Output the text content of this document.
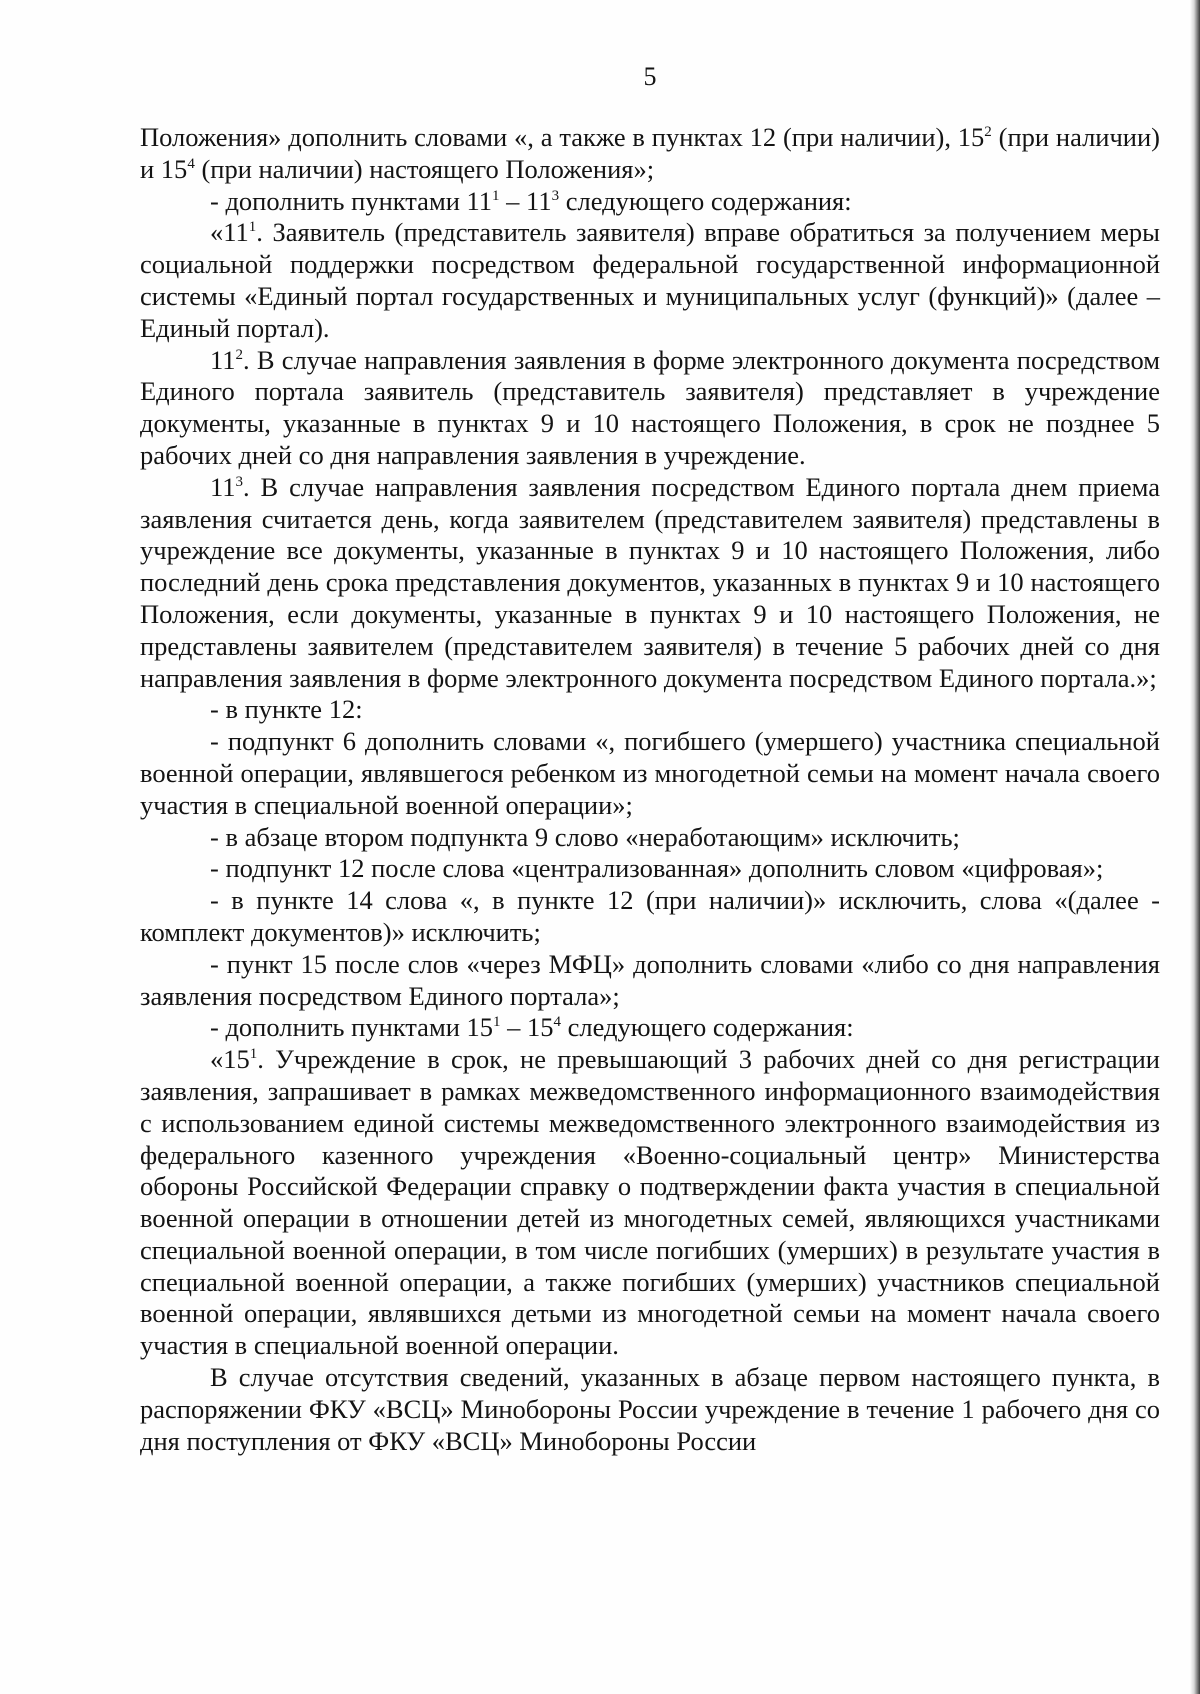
5

Положения» дополнить словами «, а также в пунктах 12 (при наличии), $15^2$ (при наличии) и $15^4$ (при наличии) настоящего Положения»;

- дополнить пунктами $11^1 - 11^3$ следующего содержания:

«$11^1$. Заявитель (представитель заявителя) вправе обратиться за получением меры социальной поддержки посредством федеральной государственной информационной системы «Единый портал государственных и муниципальных услуг (функций)» (далее – Единый портал).

$11^2$. В случае направления заявления в форме электронного документа посредством Единого портала заявитель (представитель заявителя) представляет в учреждение документы, указанные в пунктах 9 и 10 настоящего Положения, в срок не позднее 5 рабочих дней со дня направления заявления в учреждение.

$11^3$. В случае направления заявления посредством Единого портала днем приема заявления считается день, когда заявителем (представителем заявителя) представлены в учреждение все документы, указанные в пунктах 9 и 10 настоящего Положения, либо последний день срока представления документов, указанных в пунктах 9 и 10 настоящего Положения, если документы, указанные в пунктах 9 и 10 настоящего Положения, не представлены заявителем (представителем заявителя) в течение 5 рабочих дней со дня направления заявления в форме электронного документа посредством Единого портала.»;

- в пункте 12:

- подпункт 6 дополнить словами «, погибшего (умершего) участника специальной военной операции, являвшегося ребенком из многодетной семьи на момент начала своего участия в специальной военной операции»;

- в абзаце втором подпункта 9 слово «неработающим» исключить;

- подпункт 12 после слова «централизованная» дополнить словом «цифровая»;

- в пункте 14 слова «, в пункте 12 (при наличии)» исключить, слова «(далее - комплект документов)» исключить;

- пункт 15 после слов «через МФЦ» дополнить словами «либо со дня направления заявления посредством Единого портала»;

- дополнить пунктами $15^1 - 15^4$ следующего содержания:

«$15^1$. Учреждение в срок, не превышающий 3 рабочих дней со дня регистрации заявления, запрашивает в рамках межведомственного информационного взаимодействия с использованием единой системы межведомственного электронного взаимодействия из федерального казенного учреждения «Военно-социальный центр» Министерства обороны Российской Федерации справку о подтверждении факта участия в специальной военной операции в отношении детей из многодетных семей, являющихся участниками специальной военной операции, в том числе погибших (умерших) в результате участия в специальной военной операции, а также погибших (умерших) участников специальной военной операции, являвшихся детьми из многодетной семьи на момент начала своего участия в специальной военной операции.

В случае отсутствия сведений, указанных в абзаце первом настоящего пункта, в распоряжении ФКУ «ВСЦ» Минобороны России учреждение в течение 1 рабочего дня со дня поступления от ФКУ «ВСЦ» Минобороны России
